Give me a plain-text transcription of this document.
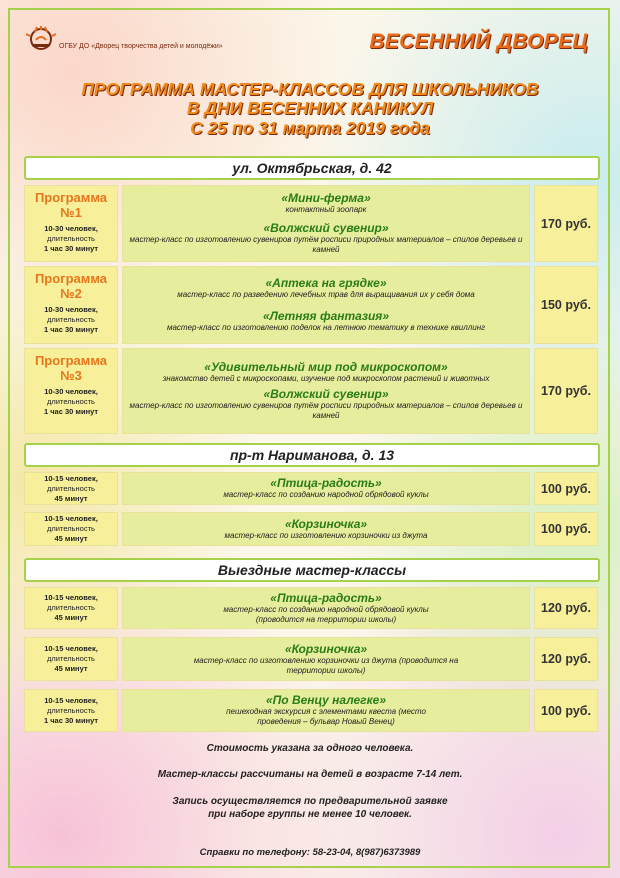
ОГБУ ДО «Дворец творчества детей и молодёжи»	ВЕСЕННИЙ ДВОРЕЦ
ПРОГРАММА МАСТЕР-КЛАССОВ ДЛЯ ШКОЛЬНИКОВ
В ДНИ ВЕСЕННИХ КАНИКУЛ
С 25 по 31 марта 2019 года
ул. Октябрьская, д. 42
Программа №1
10-30 человек,
длительность
1 час 30 минут
«Мини-ферма»
контактный зоопарк
«Волжский сувенир»
мастер-класс по изготовлению сувениров путём росписи природных материалов – спилов деревьев и камней
170 руб.
Программа №2
10-30 человек,
длительность
1 час 30 минут
«Аптека на грядке»
мастер-класс по разведению лечебных трав для выращивания их у себя дома
«Летняя фантазия»
мастер-класс по изготовлению поделок на летнюю тематику в технике квиллинг
150 руб.
Программа №3
10-30 человек,
длительность
1 час 30 минут
«Удивительный мир под микроскопом»
знакомство детей с микроскопами, изучение под микроскопом растений и животных
«Волжский сувенир»
мастер-класс по изготовлению сувениров путём росписи природных материалов – спилов деревьев и камней
170 руб.
пр-т Нариманова, д. 13
10-15 человек,
длительность
45 минут
«Птица-радость»
мастер-класс по созданию народной обрядовой куклы	100 руб.
10-15 человек,
длительность
45 минут
«Корзиночка»
мастер-класс по изготовлению корзиночки из джута	100 руб.
Выездные мастер-классы
10-15 человек,
длительность
45 минут
«Птица-радость»
мастер-класс по созданию народной обрядовой куклы (проводится на территории школы)
120 руб.
10-15 человек,
длительность
45 минут
«Корзиночка»
мастер-класс по изготовлению корзиночки из джута (проводится на территории школы)
120 руб.
10-15 человек,
длительность
1 час 30 минут
«По Венцу налегке»
пешеходная экскурсия с элементами квеста (место проведения – бульвар Новый Венец)
100 руб.
Стоимость указана за одного человека.
Мастер-классы рассчитаны на детей в возрасте 7-14 лет.
Запись осуществляется по предварительной заявке
при наборе группы не менее 10 человек.
Справки по телефону: 58-23-04, 8(987)6373989
